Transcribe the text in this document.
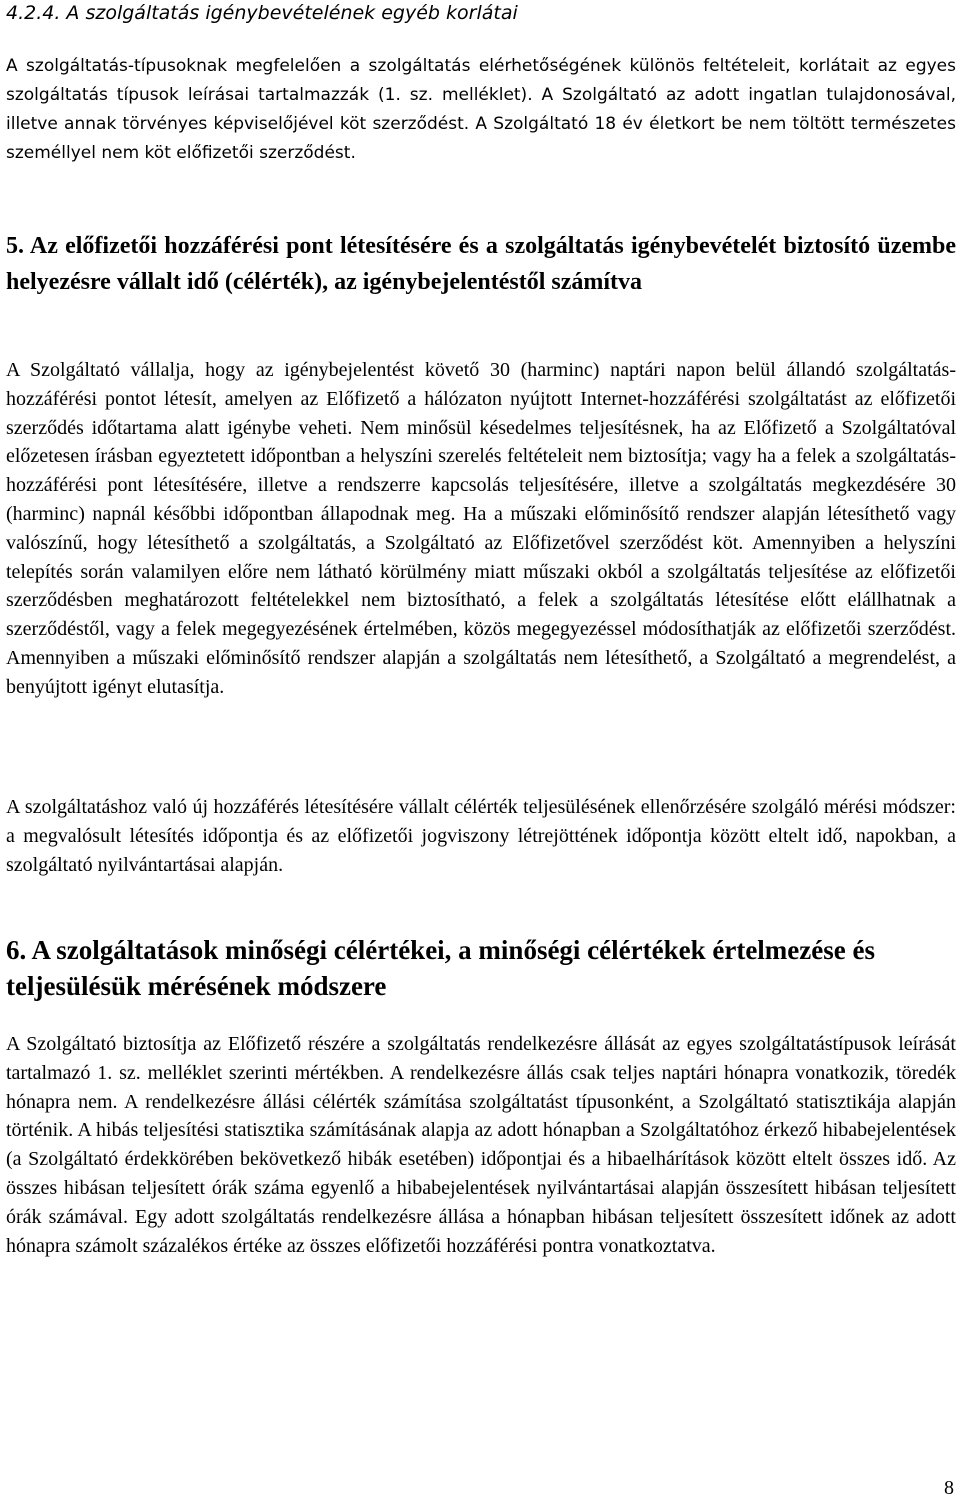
4.2.4. A szolgáltatás igénybevételének egyéb korlátai

A szolgáltatás-típusoknak megfelelően a szolgáltatás elérhetőségének különös feltételeit, korlátait az egyes szolgáltatás típusok leírásai tartalmazzák (1. sz. melléklet). A Szolgáltató az adott ingatlan tulajdonosával, illetve annak törvényes képviselőjével köt szerződést. A Szolgáltató 18 év életkort be nem töltött természetes személlyel nem köt előfizetői szerződést.

5. Az előfizetői hozzáférési pont létesítésére és a szolgáltatás igénybevételét biztosító üzembe helyezésre vállalt idő (célérték), az igénybejelentéstől számítva

A Szolgáltató vállalja, hogy az igénybejelentést követő 30 (harminc) naptári napon belül állandó szolgáltatás-hozzáférési pontot létesít, amelyen az Előfizető a hálózaton nyújtott Internet-hozzáférési szolgáltatást az előfizetői szerződés időtartama alatt igénybe veheti. Nem minősül késedelmes teljesítésnek, ha az Előfizető a Szolgáltatóval előzetesen írásban egyeztetett időpontban a helyszíni szerelés feltételeit nem biztosítja; vagy ha a felek a szolgáltatás-hozzáférési pont létesítésére, illetve a rendszerre kapcsolás teljesítésére, illetve a szolgáltatás megkezdésére 30 (harminc) napnál későbbi időpontban állapodnak meg. Ha a műszaki előminősítő rendszer alapján létesíthető vagy valószínű, hogy létesíthető a szolgáltatás, a Szolgáltató az Előfizetővel szerződést köt. Amennyiben a helyszíni telepítés során valamilyen előre nem látható körülmény miatt műszaki okból a szolgáltatás teljesítése az előfizetői szerződésben meghatározott feltételekkel nem biztosítható, a felek a szolgáltatás létesítése előtt elállhatnak a szerződéstől, vagy a felek megegyezésének értelmében, közös megegyezéssel módosíthatják az előfizetői szerződést. Amennyiben a műszaki előminősítő rendszer alapján a szolgáltatás nem létesíthető, a Szolgáltató a megrendelést, a benyújtott igényt elutasítja.

A szolgáltatáshoz való új hozzáférés létesítésére vállalt célérték teljesülésének ellenőrzésére szolgáló mérési módszer: a megvalósult létesítés időpontja és az előfizetői jogviszony létrejöttének időpontja között eltelt idő, napokban, a szolgáltató nyilvántartásai alapján.

6. A szolgáltatások minőségi célértékei, a minőségi célértékek értelmezése és teljesülésük mérésének módszere

A Szolgáltató biztosítja az Előfizető részére a szolgáltatás rendelkezésre állását az egyes szolgáltatástípusok leírását tartalmazó 1. sz. melléklet szerinti mértékben. A rendelkezésre állás csak teljes naptári hónapra vonatkozik, töredék hónapra nem. A rendelkezésre állási célérték számítása szolgáltatást típusonként, a Szolgáltató statisztikája alapján történik. A hibás teljesítési statisztika számításának alapja az adott hónapban a Szolgáltatóhoz érkező hibabejelentések (a Szolgáltató érdekkörében bekövetkező hibák esetében) időpontjai és a hibaelhárítások között eltelt összes idő. Az összes hibásan teljesített órák száma egyenlő a hibabejelentések nyilvántartásai alapján összesített hibásan teljesített órák számával. Egy adott szolgáltatás rendelkezésre állása a hónapban hibásan teljesített összesített időnek az adott hónapra számolt százalékos értéke az összes előfizetői hozzáférési pontra vonatkoztatva.

8
